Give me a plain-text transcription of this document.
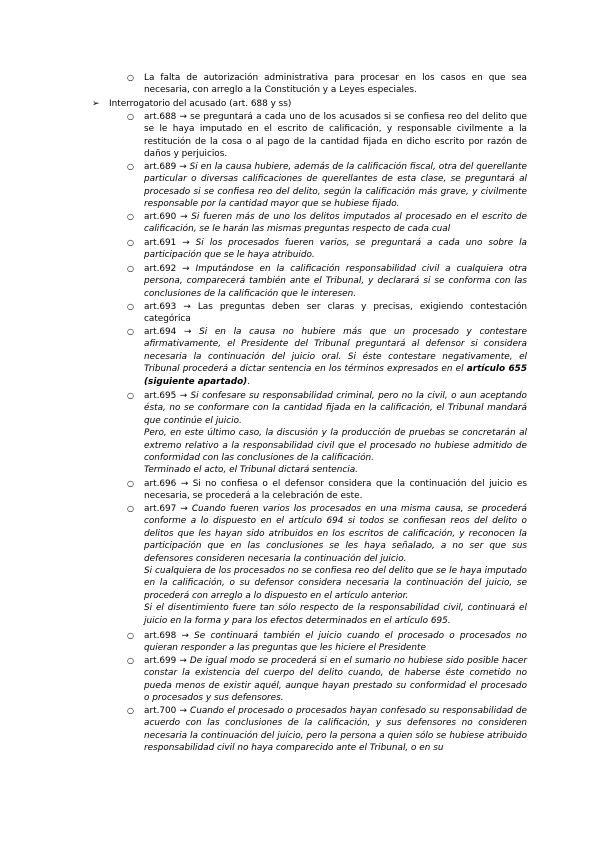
○ La falta de autorización administrativa para procesar en los casos en que sea necesaria, con arreglo a la Constitución y a Leyes especiales.
➢ Interrogatorio del acusado (art. 688 y ss)
○ art.688 → se preguntará a cada uno de los acusados si se confiesa reo del delito que se le haya imputado en el escrito de calificación, y responsable civilmente a la restitución de la cosa o al pago de la cantidad fijada en dicho escrito por razón de daños y perjuicios.
○ art.689 → Si en la causa hubiere, además de la calificación fiscal, otra del querellante particular o diversas calificaciones de querellantes de esta clase, se preguntará al procesado si se confiesa reo del delito, según la calificación más grave, y civilmente responsable por la cantidad mayor que se hubiese fijado.
○ art.690 → Si fueren más de uno los delitos imputados al procesado en el escrito de calificación, se le harán las mismas preguntas respecto de cada cual
○ art.691 → Si los procesados fueren varios, se preguntará a cada uno sobre la participación que se le haya atribuido.
○ art.692 → Imputándose en la calificación responsabilidad civil a cualquiera otra persona, comparecerá también ante el Tribunal, y declarará si se conforma con las conclusiones de la calificación que le interesen.
○ art.693 → Las preguntas deben ser claras y precisas, exigiendo contestación categórica
○ art.694 → Si en la causa no hubiere más que un procesado y contestare afirmativamente, el Presidente del Tribunal preguntará al defensor si considera necesaria la continuación del juicio oral. Si éste contestare negativamente, el Tribunal procederá a dictar sentencia en los términos expresados en el artículo 655 (siguiente apartado).
○ art.695 → Si confesare su responsabilidad criminal, pero no la civil, o aun aceptando ésta, no se conformare con la cantidad fijada en la calificación, el Tribunal mandará que continúe el juicio.

Pero, en este último caso, la discusión y la producción de pruebas se concretarán al extremo relativo a la responsabilidad civil que el procesado no hubiese admitido de conformidad con las conclusiones de la calificación.

Terminado el acto, el Tribunal dictará sentencia.

○ art.696 → Si no confiesa o el defensor considera que la continuación del juicio es necesaria, se procederá a la celebración de este.
○ art.697 → Cuando fueren varios los procesados en una misma causa, se procederá conforme a lo dispuesto en el artículo 694 si todos se confiesan reos del delito o delitos que les hayan sido atribuidos en los escritos de calificación, y reconocen la participación que en las conclusiones se les haya señalado, a no ser que sus defensores consideren necesaria la continuación del juicio.

Si cualquiera de los procesados no se confiesa reo del delito que se le haya imputado en la calificación, o su defensor considera necesaria la continuación del juicio, se procederá con arreglo a lo dispuesto en el artículo anterior.

Si el disentimiento fuere tan sólo respecto de la responsabilidad civil, continuará el juicio en la forma y para los efectos determinados en el artículo 695.

○ art.698 → Se continuará también el juicio cuando el procesado o procesados no quieran responder a las preguntas que les hiciere el Presidente
○ art.699 → De igual modo se procederá si en el sumario no hubiese sido posible hacer constar la existencia del cuerpo del delito cuando, de haberse éste cometido no pueda menos de existir aquél, aunque hayan prestado su conformidad el procesado o procesados y sus defensores.
○ art.700 → Cuando el procesado o procesados hayan confesado su responsabilidad de acuerdo con las conclusiones de la calificación, y sus defensores no consideren necesaria la continuación del juicio, pero la persona a quien sólo se hubiese atribuido responsabilidad civil no haya comparecido ante el Tribunal, o en su
